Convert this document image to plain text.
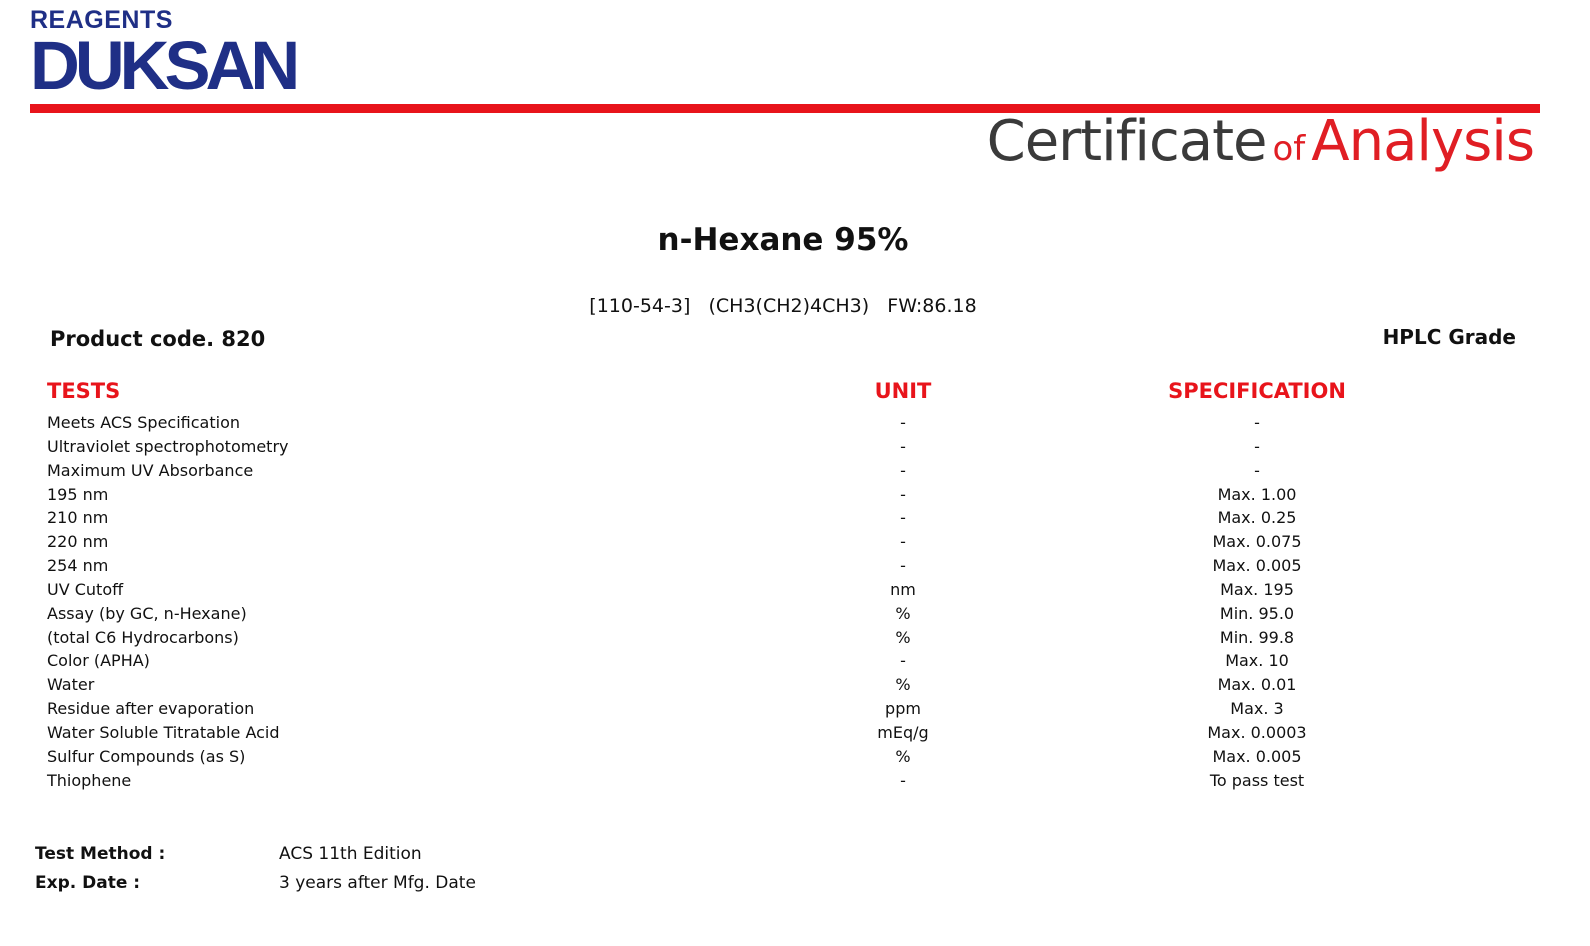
REAGENTS
DUKSAN
Certificate of Analysis
n-Hexane 95%
[110-54-3] (CH3(CH2)4CH3) FW:86.18
Product code. 820	HPLC Grade
TESTS	UNIT	SPECIFICATION
Meets ACS Specification	-	-
Ultraviolet spectrophotometry	-	-
Maximum UV Absorbance	-	-
195 nm	-	Max. 1.00
210 nm	-	Max. 0.25
220 nm	-	Max. 0.075
254 nm	-	Max. 0.005
UV Cutoff	nm	Max. 195
Assay (by GC, n-Hexane)	%	Min. 95.0
(total C6 Hydrocarbons)	%	Min. 99.8
Color (APHA)	-	Max. 10
Water	%	Max. 0.01
Residue after evaporation	ppm	Max. 3
Water Soluble Titratable Acid	mEq/g	Max. 0.0003
Sulfur Compounds (as S)	%	Max. 0.005
Thiophene	-	To pass test
Test Method :	ACS 11th Edition
Exp. Date :	3 years after Mfg. Date
